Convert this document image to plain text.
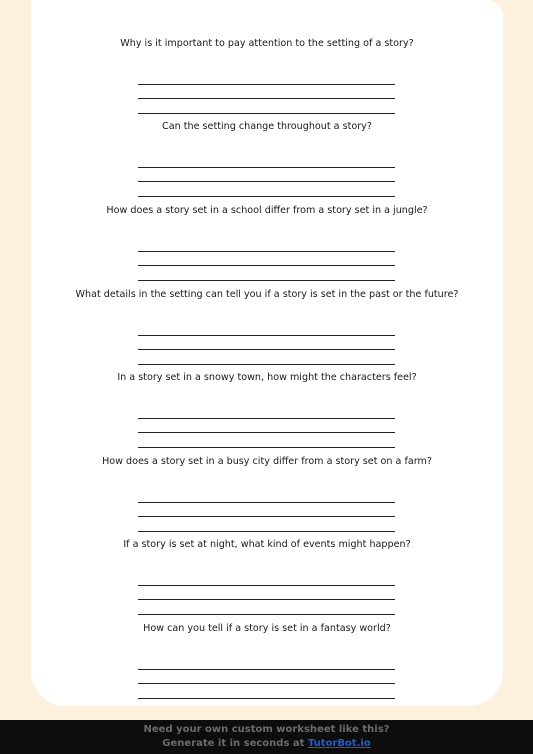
Why is it important to pay attention to the setting of a story?
Can the setting change throughout a story?
How does a story set in a school differ from a story set in a jungle?
What details in the setting can tell you if a story is set in the past or the future?
In a story set in a snowy town, how might the characters feel?
How does a story set in a busy city differ from a story set on a farm?
If a story is set at night, what kind of events might happen?
How can you tell if a story is set in a fantasy world?
Need your own custom worksheet like this?
Generate it in seconds at TutorBot.io
